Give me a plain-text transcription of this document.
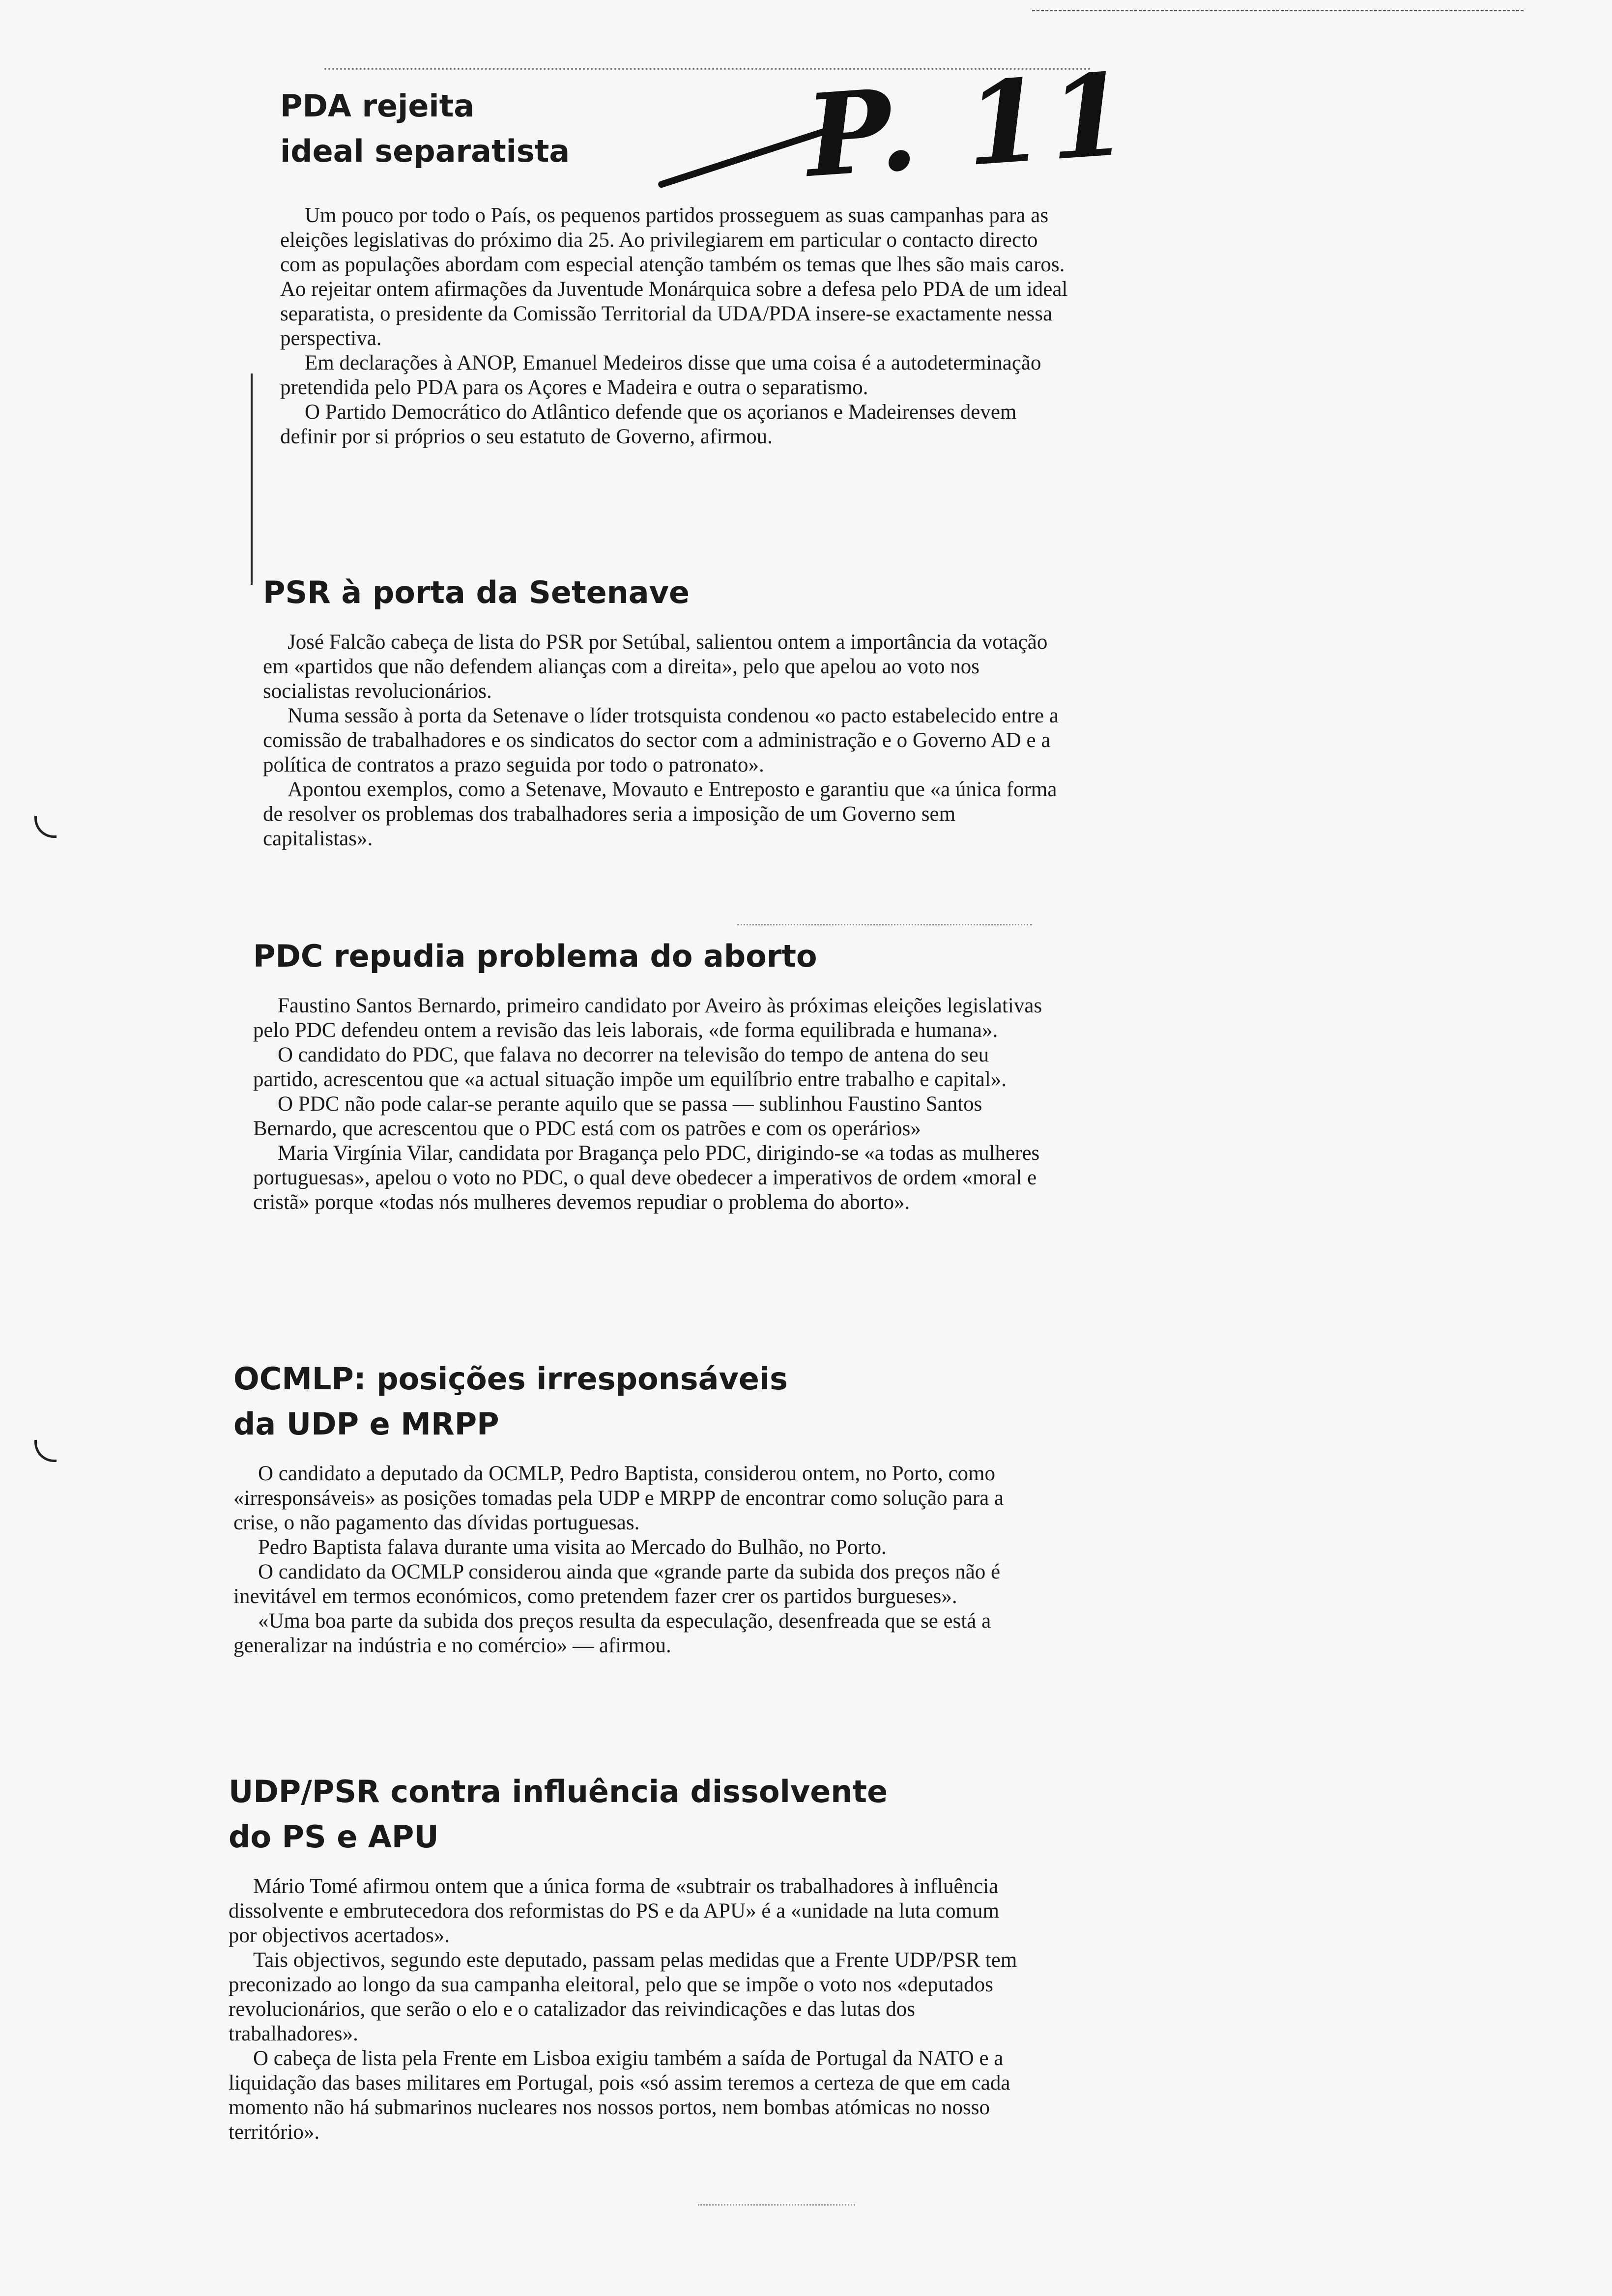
P. 11
PDA rejeita
ideal separatista

Um pouco por todo o País, os pequenos partidos prosseguem as suas campanhas para as eleições legislativas do próximo dia 25. Ao privilegiarem em particular o contacto directo com as populações abordam com especial atenção também os temas que lhes são mais caros. Ao rejeitar ontem afirmações da Juventude Monárquica sobre a defesa pelo PDA de um ideal separatista, o presidente da Comissão Territorial da UDA/PDA insere-se exactamente nessa perspectiva.

Em declarações à ANOP, Emanuel Medeiros disse que uma coisa é a autodeterminação pretendida pelo PDA para os Açores e Madeira e outra o separatismo.

O Partido Democrático do Atlântico defende que os açorianos e Madeirenses devem definir por si próprios o seu estatuto de Governo, afirmou.

PSR à porta da Setenave

José Falcão cabeça de lista do PSR por Setúbal, salientou ontem a importância da votação em «partidos que não defendem alianças com a direita», pelo que apelou ao voto nos socialistas revolucionários.

Numa sessão à porta da Setenave o líder trotsquista condenou «o pacto estabelecido entre a comissão de trabalhadores e os sindicatos do sector com a administração e o Governo AD e a política de contratos a prazo seguida por todo o patronato».

Apontou exemplos, como a Setenave, Movauto e Entreposto e garantiu que «a única forma de resolver os problemas dos trabalhadores seria a imposição de um Governo sem capitalistas».

PDC repudia problema do aborto

Faustino Santos Bernardo, primeiro candidato por Aveiro às próximas eleições legislativas pelo PDC defendeu ontem a revisão das leis laborais, «de forma equilibrada e humana».

O candidato do PDC, que falava no decorrer na televisão do tempo de antena do seu partido, acrescentou que «a actual situação impõe um equilíbrio entre trabalho e capital».

O PDC não pode calar-se perante aquilo que se passa — sublinhou Faustino Santos Bernardo, que acrescentou que o PDC está com os patrões e com os operários»

Maria Virgínia Vilar, candidata por Bragança pelo PDC, dirigindo-se «a todas as mulheres portuguesas», apelou o voto no PDC, o qual deve obedecer a imperativos de ordem «moral e cristã» porque «todas nós mulheres devemos repudiar o problema do aborto».

OCMLP: posições irresponsáveis
da UDP e MRPP

O candidato a deputado da OCMLP, Pedro Baptista, considerou ontem, no Porto, como «irresponsáveis» as posições tomadas pela UDP e MRPP de encontrar como solução para a crise, o não pagamento das dívidas portuguesas.

Pedro Baptista falava durante uma visita ao Mercado do Bulhão, no Porto.

O candidato da OCMLP considerou ainda que «grande parte da subida dos preços não é inevitável em termos económicos, como pretendem fazer crer os partidos burgueses».

«Uma boa parte da subida dos preços resulta da especulação, desenfreada que se está a generalizar na indústria e no comércio» — afirmou.

UDP/PSR contra influência dissolvente
do PS e APU

Mário Tomé afirmou ontem que a única forma de «subtrair os trabalhadores à influência dissolvente e embrutecedora dos reformistas do PS e da APU» é a «unidade na luta comum por objectivos acertados».

Tais objectivos, segundo este deputado, passam pelas medidas que a Frente UDP/PSR tem preconizado ao longo da sua campanha eleitoral, pelo que se impõe o voto nos «deputados revolucionários, que serão o elo e o catalizador das reivindicações e das lutas dos trabalhadores».

O cabeça de lista pela Frente em Lisboa exigiu também a saída de Portugal da NATO e a liquidação das bases militares em Portugal, pois «só assim teremos a certeza de que em cada momento não há submarinos nucleares nos nossos portos, nem bombas atómicas no nosso território».
